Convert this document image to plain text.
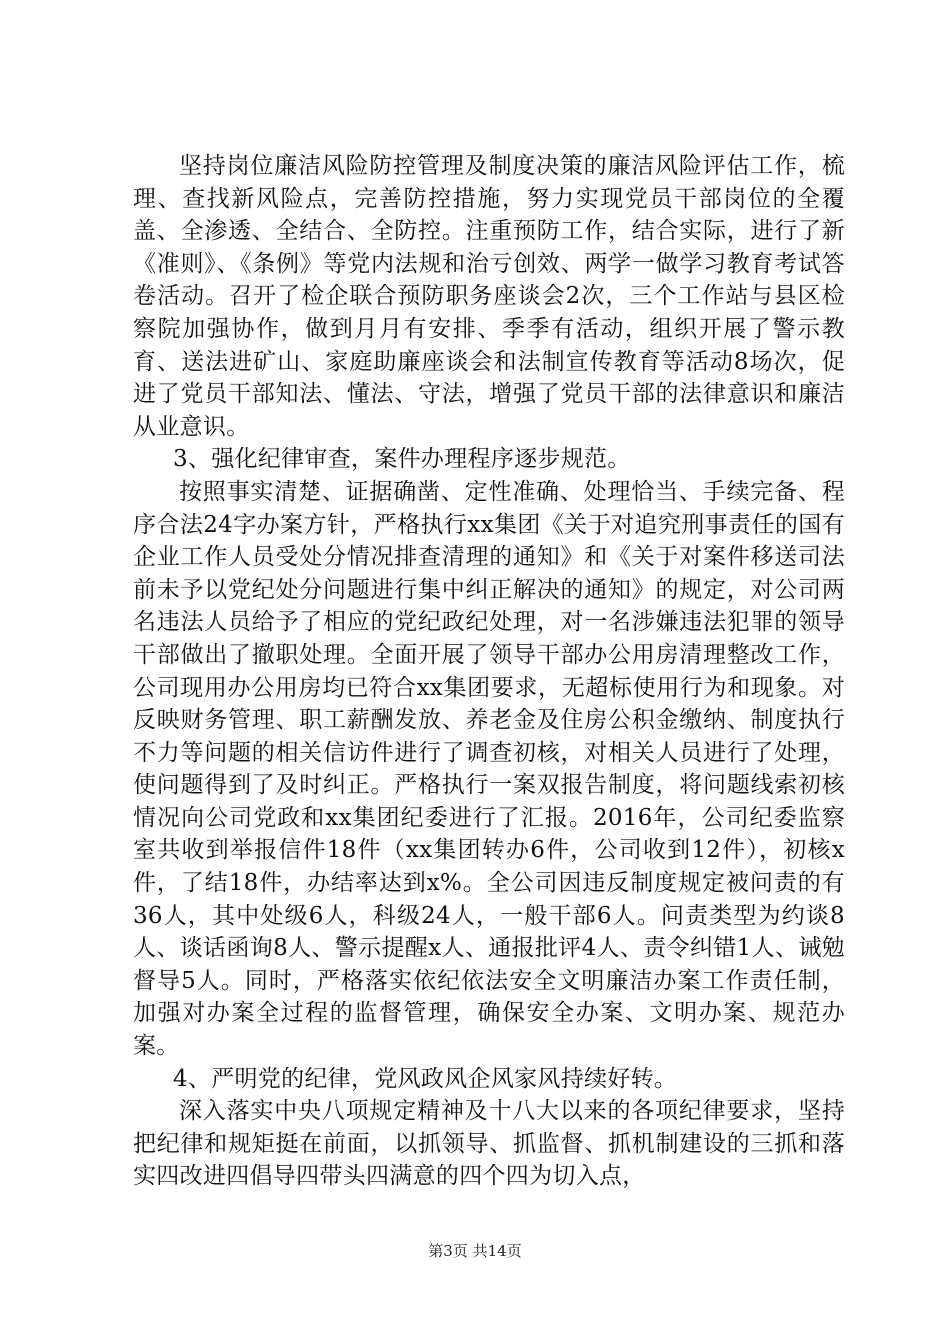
坚持岗位廉洁风险防控管理及制度决策的廉洁风险评估工作，梳理、查找新风险点，完善防控措施，努力实现党员干部岗位的全覆盖、全渗透、全结合、全防控。注重预防工作，结合实际，进行了新《准则》、《条例》等党内法规和治亏创效、两学一做学习教育考试答卷活动。召开了检企联合预防职务座谈会2次，三个工作站与县区检察院加强协作，做到月月有安排、季季有活动，组织开展了警示教育、送法进矿山、家庭助廉座谈会和法制宣传教育等活动8场次，促进了党员干部知法、懂法、守法，增强了党员干部的法律意识和廉洁从业意识。

3、强化纪律审查，案件办理程序逐步规范。

按照事实清楚、证据确凿、定性准确、处理恰当、手续完备、程序合法24字办案方针，严格执行xx集团《关于对追究刑事责任的国有企业工作人员受处分情况排查清理的通知》和《关于对案件移送司法前未予以党纪处分问题进行集中纠正解决的通知》的规定，对公司两名违法人员给予了相应的党纪政纪处理，对一名涉嫌违法犯罪的领导干部做出了撤职处理。全面开展了领导干部办公用房清理整改工作，公司现用办公用房均已符合xx集团要求，无超标使用行为和现象。对反映财务管理、职工薪酬发放、养老金及住房公积金缴纳、制度执行不力等问题的相关信访件进行了调查初核，对相关人员进行了处理，使问题得到了及时纠正。严格执行一案双报告制度，将问题线索初核情况向公司党政和xx集团纪委进行了汇报。2016年，公司纪委监察室共收到举报信件18件（xx集团转办6件，公司收到12件），初核x件，了结18件，办结率达到x%。全公司因违反制度规定被问责的有36人，其中处级6人，科级24人，一般干部6人。问责类型为约谈8人、谈话函询8人、警示提醒x人、通报批评4人、责令纠错1人、诫勉督导5人。同时，严格落实依纪依法安全文明廉洁办案工作责任制，加强对办案全过程的监督管理，确保安全办案、文明办案、规范办案。

4、严明党的纪律，党风政风企风家风持续好转。

深入落实中央八项规定精神及十八大以来的各项纪律要求，坚持把纪律和规矩挺在前面，以抓领导、抓监督、抓机制建设的三抓和落实四改进四倡导四带头四满意的四个四为切入点，

第3页 共14页
